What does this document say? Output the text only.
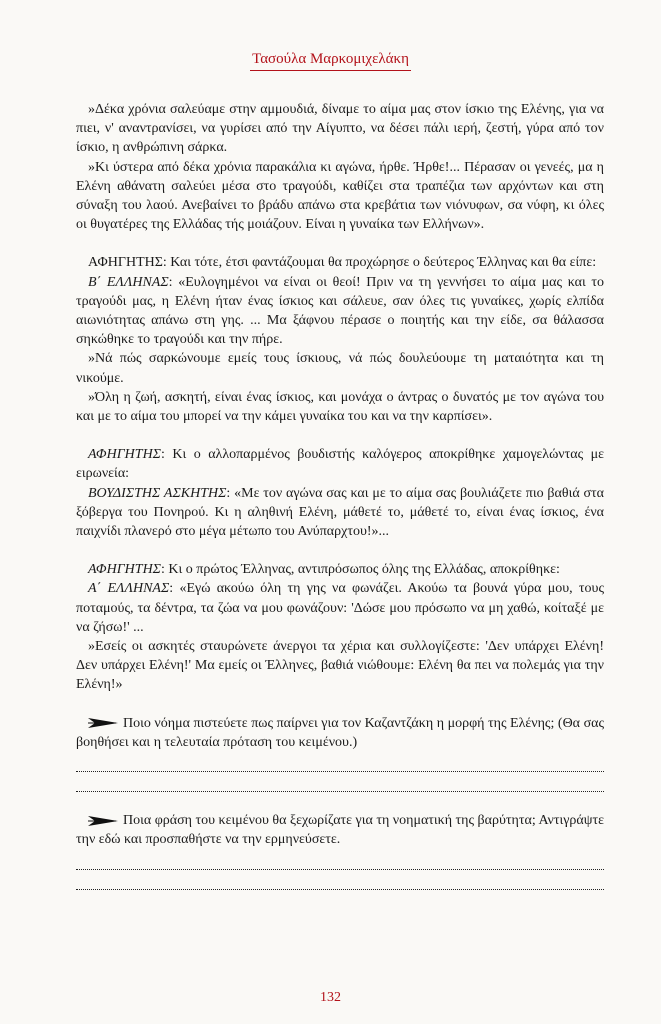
Τασούλα Μαρκομιχελάκη

»Δέκα χρόνια σαλεύαμε στην αμμουδιά, δίναμε το αίμα μας στον ίσκιο της Ελένης, για να πιει, ν' αναντρανίσει, να γυρίσει από την Αίγυπτο, να δέσει πάλι ιερή, ζεστή, γύρα από τον ίσκιο, η ανθρώπινη σάρκα.

»Κι ύστερα από δέκα χρόνια παρακάλια κι αγώνα, ήρθε. Ήρθε!... Πέρασαν οι γενεές, μα η Ελένη αθάνατη σαλεύει μέσα στο τραγούδι, καθίζει στα τραπέζια των αρχόντων και στη σύναξη του λαού. Ανεβαίνει το βράδυ απάνω στα κρεβάτια των νιόνυφων, σα νύφη, κι όλες οι θυγατέρες της Ελλάδας τής μοιάζουν. Είναι η γυναίκα των Ελλήνων».

ΑΦΗΓΗΤΗΣ: Και τότε, έτσι φαντάζουμαι θα προχώρησε ο δεύτερος Έλληνας και θα είπε:

Β΄ ΕΛΛΗΝΑΣ: «Ευλογημένοι να είναι οι θεοί! Πριν να τη γεννήσει το αίμα μας και το τραγούδι μας, η Ελένη ήταν ένας ίσκιος και σάλευε, σαν όλες τις γυναίκες, χωρίς ελπίδα αιωνιότητας απάνω στη γης. ... Μα ξάφνου πέρασε ο ποιητής και την είδε, σα θάλασσα σηκώθηκε το τραγούδι και την πήρε.

»Νά πώς σαρκώνουμε εμείς τους ίσκιους, νά πώς δουλεύουμε τη ματαιότητα και τη νικούμε.

»Όλη η ζωή, ασκητή, είναι ένας ίσκιος, και μονάχα ο άντρας ο δυνατός με τον αγώνα του και με το αίμα του μπορεί να την κάμει γυναίκα του και να την καρπίσει».

ΑΦΗΓΗΤΗΣ: Κι ο αλλοπαρμένος βουδιστής καλόγερος αποκρίθηκε χαμογελώντας με ειρωνεία:

ΒΟΥΔΙΣΤΗΣ ΑΣΚΗΤΗΣ: «Με τον αγώνα σας και με το αίμα σας βουλιάζετε πιο βαθιά στα ξόβεργα του Πονηρού. Κι η αληθινή Ελένη, μάθετέ το, μάθετέ το, είναι ένας ίσκιος, ένα παιχνίδι πλανερό στο μέγα μέτωπο του Ανύπαρχτου!»...

ΑΦΗΓΗΤΗΣ: Κι ο πρώτος Έλληνας, αντιπρόσωπος όλης της Ελλάδας, αποκρίθηκε:

Α΄ ΕΛΛΗΝΑΣ: «Εγώ ακούω όλη τη γης να φωνάζει. Ακούω τα βουνά γύρα μου, τους ποταμούς, τα δέντρα, τα ζώα να μου φωνάζουν: 'Δώσε μου πρόσωπο να μη χαθώ, κοίταξέ με να ζήσω!' ...

»Εσείς οι ασκητές σταυρώνετε άνεργοι τα χέρια και συλλογίζεστε: 'Δεν υπάρχει Ελένη! Δεν υπάρχει Ελένη!' Μα εμείς οι Έλληνες, βαθιά νιώθουμε: Ελένη θα πει να πολεμάς για την Ελένη!»

Ποιο νόημα πιστεύετε πως παίρνει για τον Καζαντζάκη η μορφή της Ελένης; (Θα σας βοηθήσει και η τελευταία πρόταση του κειμένου.)

Ποια φράση του κειμένου θα ξεχωρίζατε για τη νοηματική της βαρύτητα; Αντιγράψτε την εδώ και προσπαθήστε να την ερμηνεύσετε.

132
